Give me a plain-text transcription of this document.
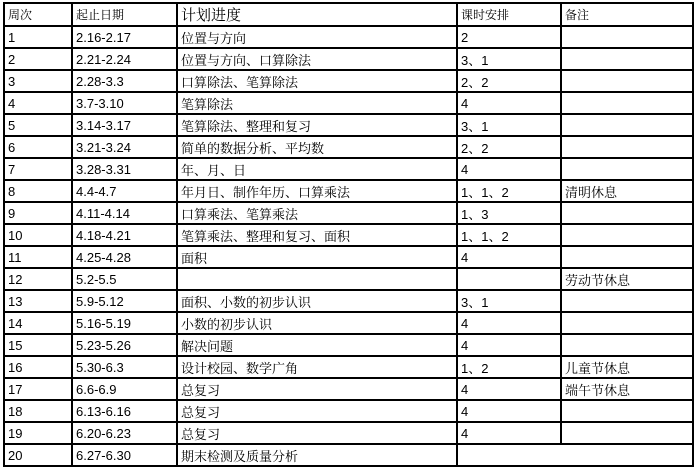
周次	起止日期	计划进度	课时安排	备注
1	2.16-2.17	位置与方向	2	
2	2.21-2.24	位置与方向、口算除法	3、1	
3	2.28-3.3	口算除法、笔算除法	2、2	
4	3.7-3.10	笔算除法	4	
5	3.14-3.17	笔算除法、整理和复习	3、1	
6	3.21-3.24	简单的数据分析、平均数	2、2	
7	3.28-3.31	年、月、日	4	
8	4.4-4.7	年月日、制作年历、口算乘法	1、1、2	清明休息
9	4.11-4.14	口算乘法、笔算乘法	1、3	
10	4.18-4.21	笔算乘法、整理和复习、面积	1、1、2	
11	4.25-4.28	面积	4	
12	5.2-5.5			劳动节休息
13	5.9-5.12	面积、小数的初步认识	3、1	
14	5.16-5.19	小数的初步认识	4	
15	5.23-5.26	解决问题	4	
16	5.30-6.3	设计校园、数学广角	1、2	儿童节休息
17	6.6-6.9	总复习	4	端午节休息
18	6.13-6.16	总复习	4	
19	6.20-6.23	总复习	4	
20	6.27-6.30	期末检测及质量分析		
